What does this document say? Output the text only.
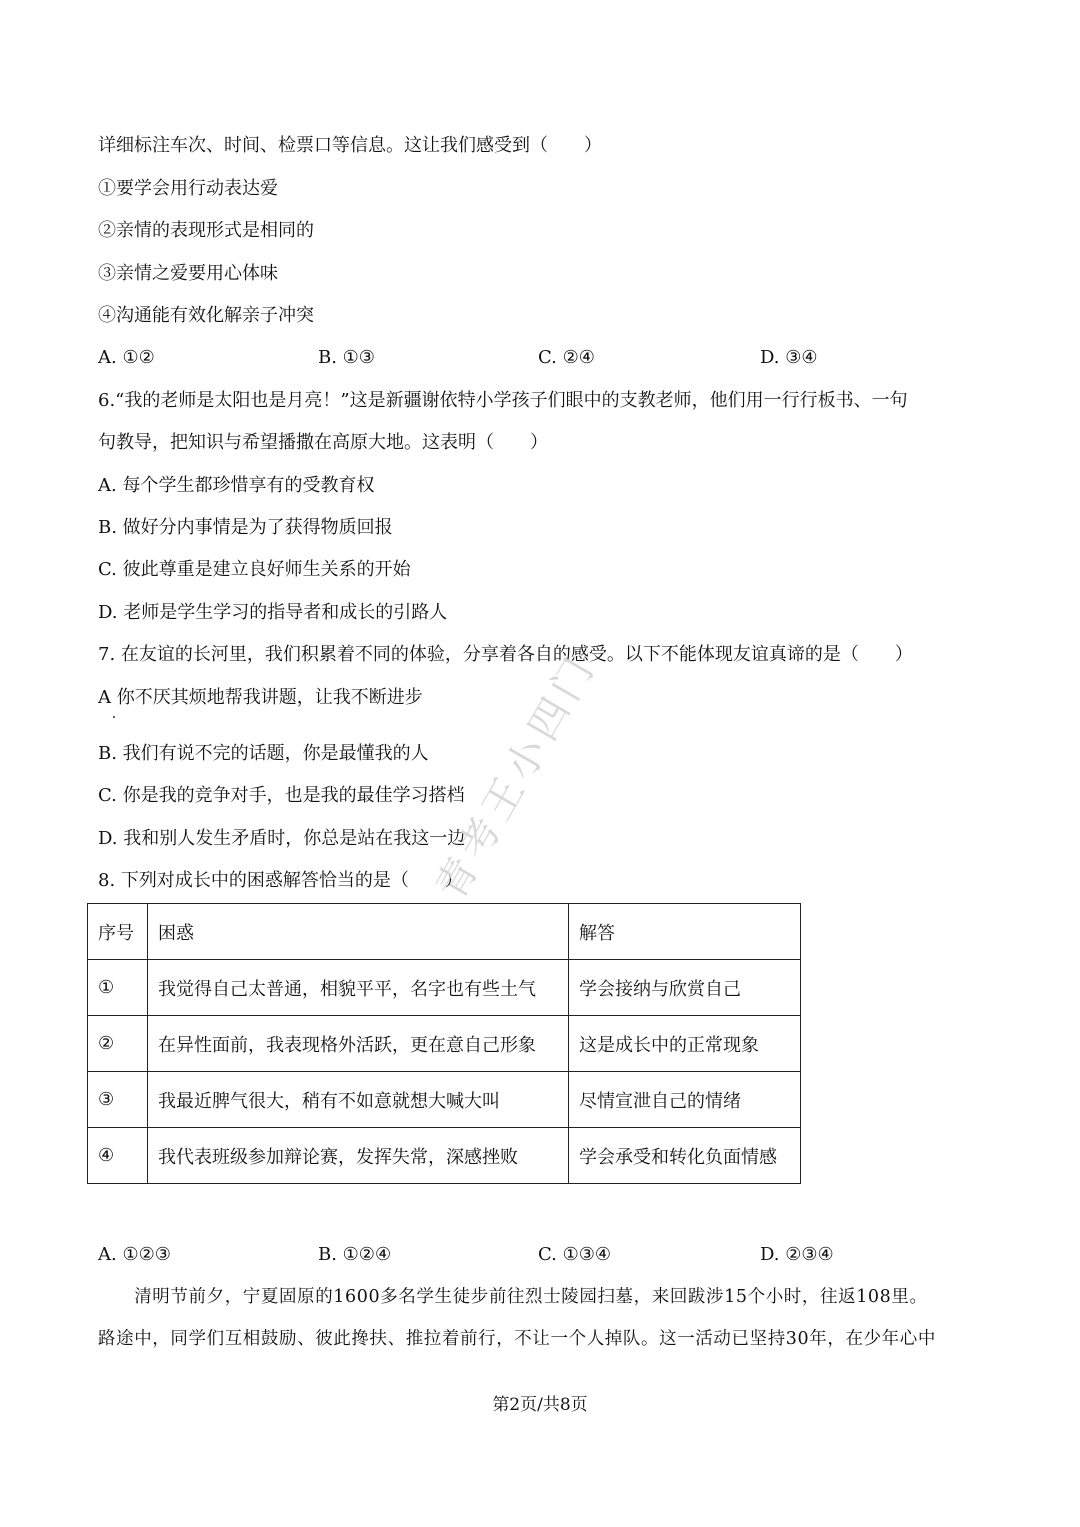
详细标注车次、时间、检票口等信息。这让我们感受到（　　）
①要学会用行动表达爱
②亲情的表现形式是相同的
③亲情之爱要用心体味
④沟通能有效化解亲子冲突
A. ①②	B. ①③	C. ②④	D. ③④
6.“我的老师是太阳也是月亮！”这是新疆谢依特小学孩子们眼中的支教老师，他们用一行行板书、一句
句教导，把知识与希望播撒在高原大地。这表明（　　）
A. 每个学生都珍惜享有的受教育权
B. 做好分内事情是为了获得物质回报
C. 彼此尊重是建立良好师生关系的开始
D. 老师是学生学习的指导者和成长的引路人
7. 在友谊的长河里，我们积累着不同的体验，分享着各自的感受。以下不能体现友谊真谛的是（　　）
A 你不厌其烦地帮我讲题，让我不断进步
B. 我们有说不完的话题，你是最懂我的人
C. 你是我的竞争对手，也是我的最佳学习搭档
D. 我和别人发生矛盾时，你总是站在我这一边
8. 下列对成长中的困惑解答恰当的是（　　）
序号	困惑	解答
①	我觉得自己太普通，相貌平平，名字也有些土气	学会接纳与欣赏自己
②	在异性面前，我表现格外活跃，更在意自己形象	这是成长中的正常现象
③	我最近脾气很大，稍有不如意就想大喊大叫	尽情宣泄自己的情绪
④	我代表班级参加辩论赛，发挥失常，深感挫败	学会承受和转化负面情感
A. ①②③	B. ①②④	C. ①③④	D. ②③④
　　清明节前夕，宁夏固原的1600多名学生徒步前往烈士陵园扫墓，来回跋涉15个小时，往返108里。
路途中，同学们互相鼓励、彼此搀扶、推拉着前行，不让一个人掉队。这一活动已坚持30年，在少年心中
青考王小四门
第2页/共8页
